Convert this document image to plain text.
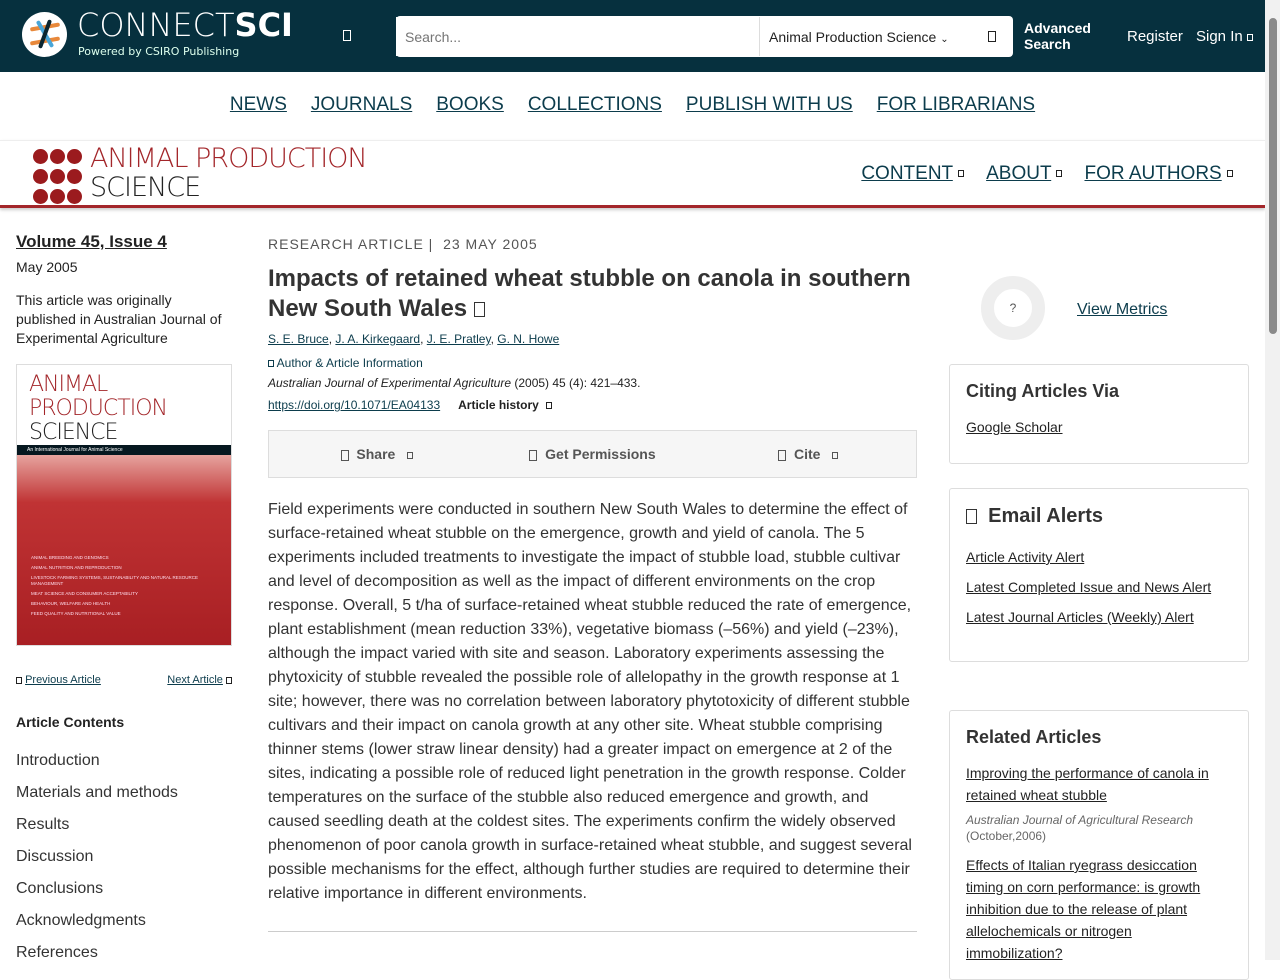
CONNECTSCI
Powered by CSIRO Publishing
Search...
Animal Production Science ⌄
Advanced Search	Register Sign In
NEWS JOURNALS BOOKS COLLECTIONS PUBLISH WITH US FOR LIBRARIANS
ANIMAL PRODUCTION
SCIENCE	CONTENT	ABOUT	FOR AUTHORS
Volume 45, Issue 4
May 2005
This article was originally published in Australian Journal of Experimental Agriculture
ANIMAL
PRODUCTION
SCIENCE
An International Journal for Animal Science

ANIMAL BREEDING AND GENOMICS

ANIMAL NUTRITION AND REPRODUCTION

LIVESTOCK FARMING SYSTEMS, SUSTAINABILITY AND NATURAL RESOURCE MANAGEMENT

MEAT SCIENCE AND CONSUMER ACCEPTABILITY

BEHAVIOUR, WELFARE AND HEALTH

FEED QUALITY AND NUTRITIONAL VALUE

Previous Article	Next Article
Article Contents
Introduction
Materials and methods
Results
Discussion
Conclusions
Acknowledgments
References
RESEARCH ARTICLE | 23 MAY 2005
Impacts of retained wheat stubble on canola in southern New South Wales
S. E. Bruce, J. A. Kirkegaard, J. E. Pratley, G. N. Howe
Author & Article Information
Australian Journal of Experimental Agriculture (2005) 45 (4): 421–433.
https://doi.org/10.1071/EA04133 Article history
Share	Get Permissions	Cite

Field experiments were conducted in southern New South Wales to determine the effect of surface-retained wheat stubble on the emergence, growth and yield of canola. The 5 experiments included treatments to investigate the impact of stubble load, stubble cultivar and level of decomposition as well as the impact of different environments on the crop response. Overall, 5 t/ha of surface-retained wheat stubble reduced the rate of emergence, plant establishment (mean reduction 33%), vegetative biomass (–56%) and yield (–23%), although the impact varied with site and season. Laboratory experiments assessing the phytoxicity of stubble revealed the possible role of allelopathy in the growth response at 1 site; however, there was no correlation between laboratory phytotoxicity of different stubble cultivars and their impact on canola growth at any other site. Wheat stubble comprising thinner stems (lower straw linear density) had a greater impact on emergence at 2 of the sites, indicating a possible role of reduced light penetration in the growth response. Colder temperatures on the surface of the stubble also reduced emergence and growth, and caused seedling death at the coldest sites. The experiments confirm the widely observed phenomenon of poor canola growth in surface-retained wheat stubble, and suggest several possible mechanisms for the effect, although further studies are required to determine their relative importance in different environments.

?	View Metrics
Citing Articles Via
Google Scholar
Email Alerts
Article Activity Alert
Latest Completed Issue and News Alert
Latest Journal Articles (Weekly) Alert
Related Articles
Improving the performance of canola in retained wheat stubble
Australian Journal of Agricultural Research
(October,2006)
Effects of Italian ryegrass desiccation timing on corn performance: is growth inhibition due to the release of plant allelochemicals or nitrogen immobilization?
